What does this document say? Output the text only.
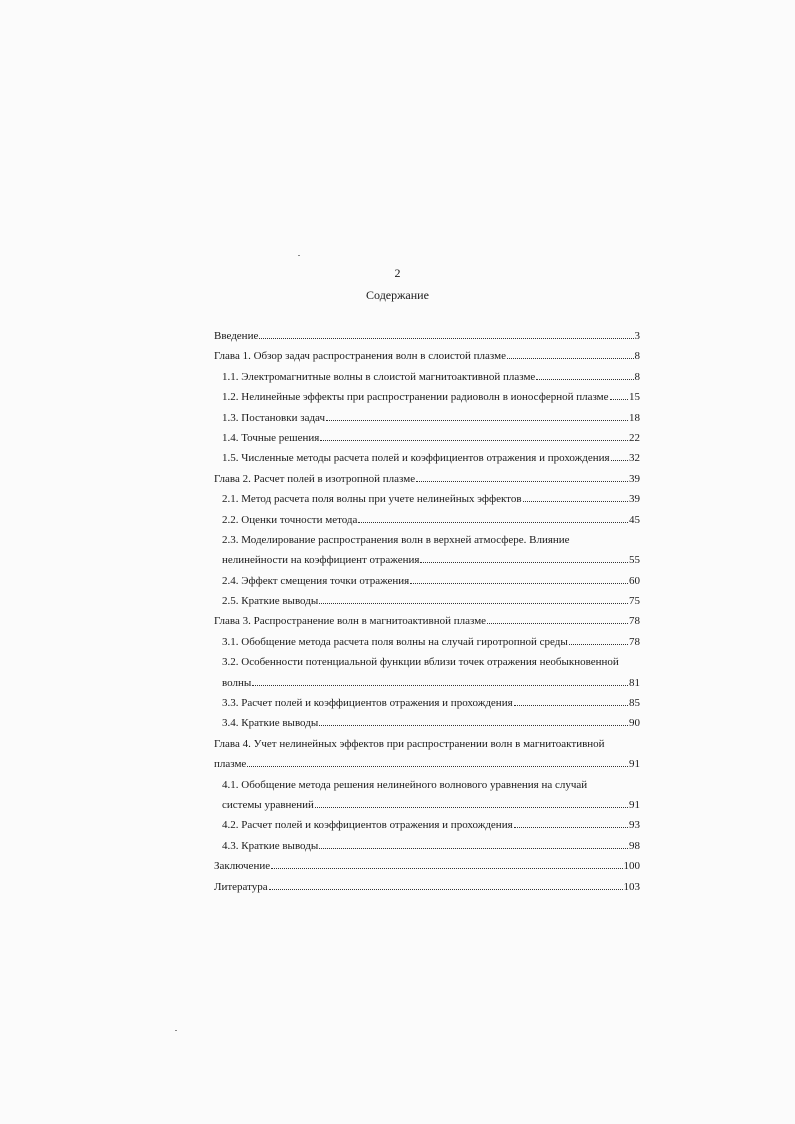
2
Содержание
Введение	3
Глава 1. Обзор задач распространения волн в слоистой плазме	8
1.1. Электромагнитные волны в слоистой магнитоактивной плазме	8
1.2. Нелинейные эффекты при распространении радиоволн в ионосферной плазме 15
1.3. Постановки задач	18
1.4. Точные решения	22
1.5. Численные методы расчета полей и коэффициентов отражения и прохождения 32
Глава 2. Расчет полей в изотропной плазме	39
2.1. Метод расчета поля волны при учете нелинейных эффектов	39
2.2. Оценки точности метода	45
2.3. Моделирование распространения волн в верхней атмосфере. Влияние
нелинейности на коэффициент отражения	55
2.4. Эффект смещения точки отражения	60
2.5. Краткие выводы	75
Глава 3. Распространение волн в магнитоактивной плазме	78
3.1. Обобщение метода расчета поля волны на случай гиротропной среды	78
3.2. Особенности потенциальной функции вблизи точек отражения необыкновенной
волны	81
3.3. Расчет полей и коэффициентов отражения и прохождения	85
3.4. Краткие выводы	90
Глава 4. Учет нелинейных эффектов при распространении волн в магнитоактивной
плазме	91
4.1. Обобщение метода решения нелинейного волнового уравнения на случай
системы уравнений	91
4.2. Расчет полей и коэффициентов отражения и прохождения	93
4.3. Краткие выводы	98
Заключение	100
Литература	103
